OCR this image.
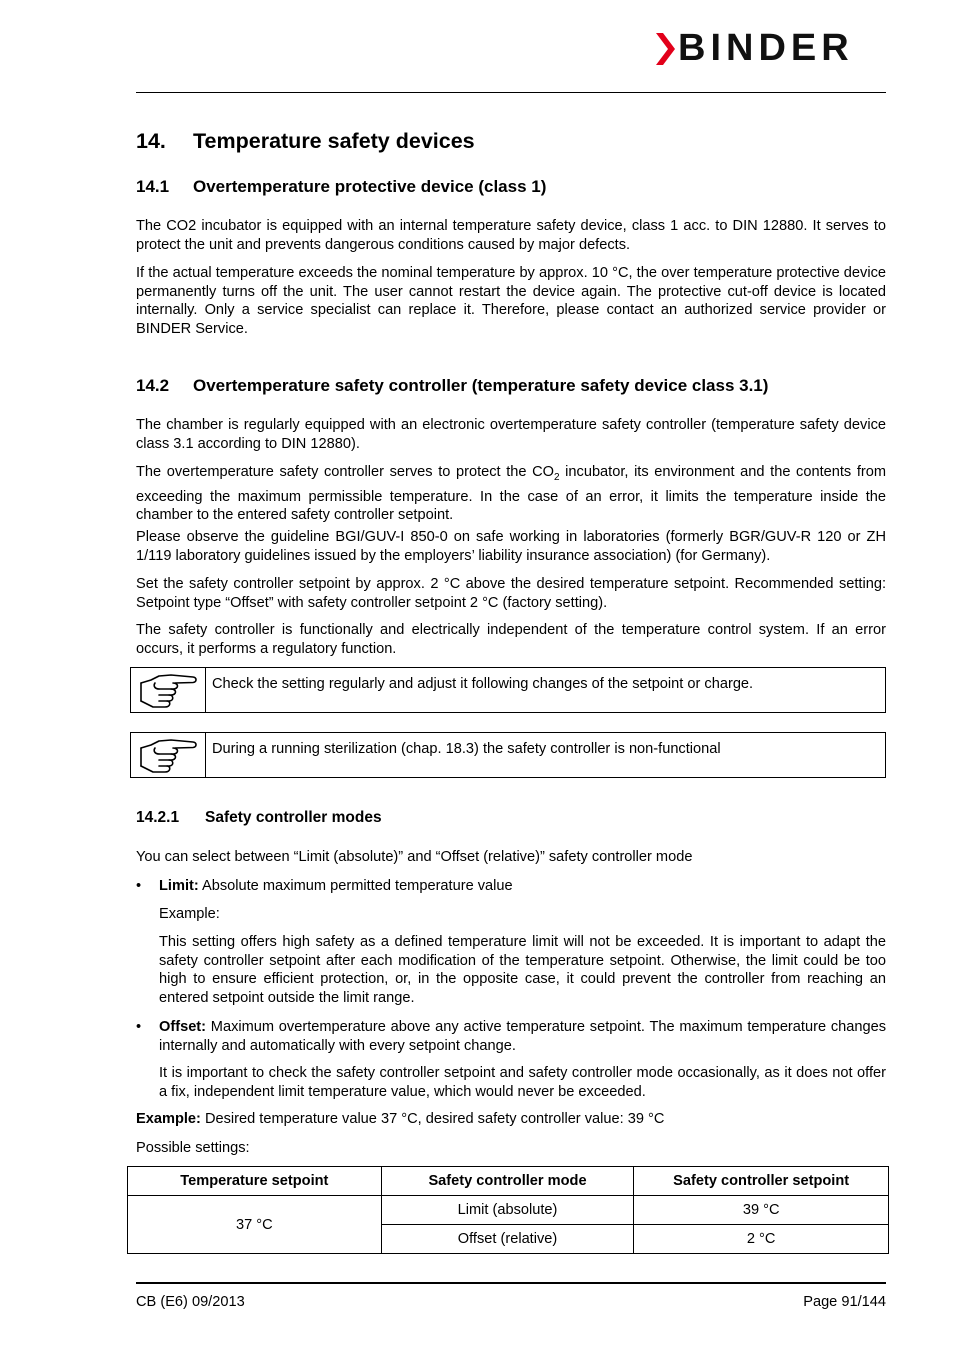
BINDER
14. Temperature safety devices
14.1 Overtemperature protective device (class 1)

The CO2 incubator is equipped with an internal temperature safety device, class 1 acc. to DIN 12880. It serves to protect the unit and prevents dangerous conditions caused by major defects.

If the actual temperature exceeds the nominal temperature by approx. 10 °C, the over temperature protective device permanently turns off the unit. The user cannot restart the device again. The protective cut-off device is located internally. Only a service specialist can replace it. Therefore, please contact an authorized service provider or BINDER Service.

14.2 Overtemperature safety controller (temperature safety device class 3.1)

The chamber is regularly equipped with an electronic overtemperature safety controller (temperature safety device class 3.1 according to DIN 12880).

The overtemperature safety controller serves to protect the $CO_2$ incubator, its environment and the contents from exceeding the maximum permissible temperature. In the case of an error, it limits the temperature inside the chamber to the entered safety controller setpoint.

Please observe the guideline BGI/GUV-I 850-0 on safe working in laboratories (formerly BGR/GUV-R 120 or ZH 1/119 laboratory guidelines issued by the employers’ liability insurance association) (for Germany).

Set the safety controller setpoint by approx. 2 °C above the desired temperature setpoint. Recommended setting: Setpoint type “Offset” with safety controller setpoint 2 °C (factory setting).

The safety controller is functionally and electrically independent of the temperature control system. If an error occurs, it performs a regulatory function.

Check the setting regularly and adjust it following changes of the setpoint or charge.
During a running sterilization (chap. 18.3) the safety controller is non-functional
14.2.1 Safety controller modes

You can select between “Limit (absolute)” and “Offset (relative)” safety controller mode

• Limit: Absolute maximum permitted temperature value

Example:

This setting offers high safety as a defined temperature limit will not be exceeded. It is important to adapt the safety controller setpoint after each modification of the temperature setpoint. Otherwise, the limit could be too high to ensure efficient protection, or, in the opposite case, it could prevent the controller from reaching an entered setpoint outside the limit range.

•	Offset: Maximum overtemperature above any active temperature setpoint. The maximum temperature changes internally and automatically with every setpoint change.

It is important to check the safety controller setpoint and safety controller mode occasionally, as it does not offer a fix, independent limit temperature value, which would never be exceeded.

Example: Desired temperature value 37 °C, desired safety controller value: 39 °C

Possible settings:

Temperature setpoint	Safety controller mode	Safety controller setpoint
37 °C	Limit (absolute)	39 °C
	Offset (relative)	2 °C
CB (E6) 09/2013	Page 91/144
